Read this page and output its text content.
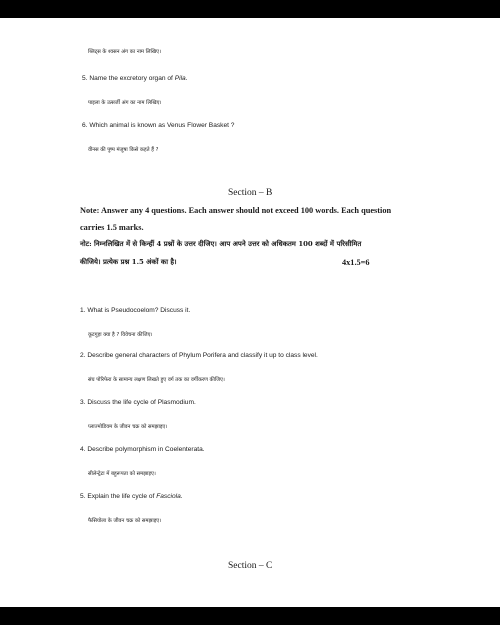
ब्लिट्स के श्वसन अंग का नाम लिखिए।
5. Name the excretory organ of Pila.
पाइला के उत्सर्जी अंग का नाम लिखिए।
6. Which animal is known as Venus Flower Basket ?
वीनस की पुष्प मंजूषा किसे कहते हैं ?
Section – B
Note: Answer any 4 questions. Each answer should not exceed 100 words. Each question
carries 1.5 marks.
नोट: निम्नलिखित में से किन्हीं 4 प्रश्नों के उत्तर दीजिए। आप अपने उत्तर को अधिकतम 100 शब्दों में परिसीमित
कीजिये। प्रत्येक प्रश्न 1.5 अंकों का है।	4x1.5=6
1. What is Pseudocoelom? Discuss it.
कूटगुहा क्या है ? विवेचना कीजिए।
2. Describe general characters of Phylum Porifera and classify it up to class level.
संघ पोरिफेरा के सामान्य लक्षण लिखते हुए वर्ग तक का वर्गीकरण कीजिए।
3. Discuss the life cycle of Plasmodium.
प्लाज्मोडियम के जीवन चक्र को समझाइए।
4. Describe polymorphism in Coelenterata.
सीलेन्ट्रेटा में बहुरूपता को समझाइए।
5. Explain the life cycle of Fasciola.
फैसियोला के जीवन चक्र को समझाइए।
Section – C
